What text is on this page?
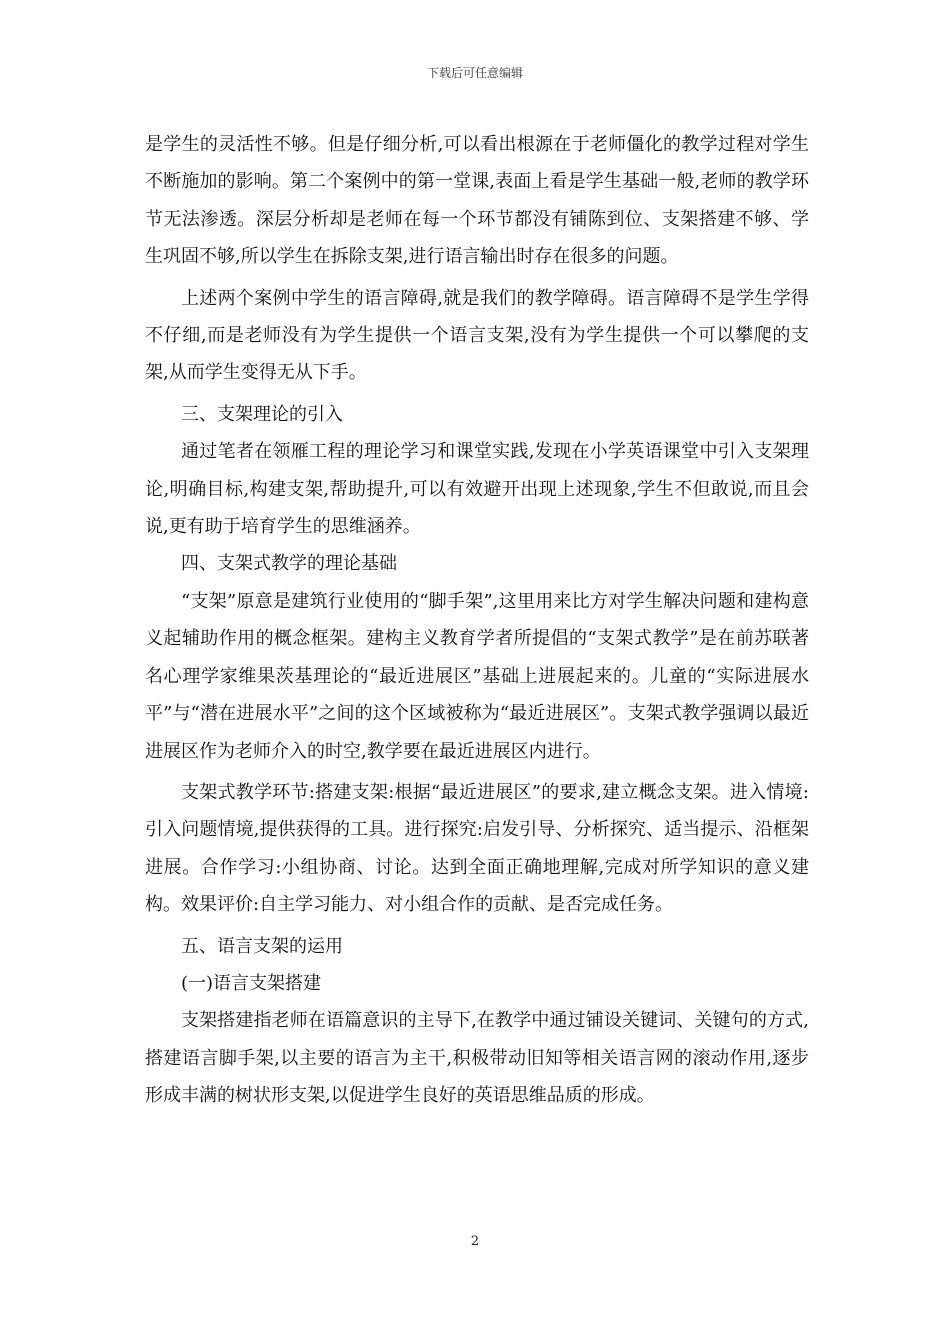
下载后可任意编辑

是学生的灵活性不够。但是仔细分析,可以看出根源在于老师僵化的教学过程对学生不断施加的影响。第二个案例中的第一堂课,表面上看是学生基础一般,老师的教学环节无法渗透。深层分析却是老师在每一个环节都没有铺陈到位、支架搭建不够、学生巩固不够,所以学生在拆除支架,进行语言输出时存在很多的问题。

上述两个案例中学生的语言障碍,就是我们的教学障碍。语言障碍不是学生学得不仔细,而是老师没有为学生提供一个语言支架,没有为学生提供一个可以攀爬的支架,从而学生变得无从下手。

三、支架理论的引入

通过笔者在领雁工程的理论学习和课堂实践,发现在小学英语课堂中引入支架理论,明确目标,构建支架,帮助提升,可以有效避开出现上述现象,学生不但敢说,而且会说,更有助于培育学生的思维涵养。

四、支架式教学的理论基础

“支架”原意是建筑行业使用的“脚手架”,这里用来比方对学生解决问题和建构意义起辅助作用的概念框架。建构主义教育学者所提倡的“支架式教学”是在前苏联著名心理学家维果茨基理论的“最近进展区”基础上进展起来的。儿童的“实际进展水平”与“潜在进展水平”之间的这个区域被称为“最近进展区”。支架式教学强调以最近进展区作为老师介入的时空,教学要在最近进展区内进行。

支架式教学环节:搭建支架:根据“最近进展区”的要求,建立概念支架。进入情境:引入问题情境,提供获得的工具。进行探究:启发引导、分析探究、适当提示、沿框架进展。合作学习:小组协商、讨论。达到全面正确地理解,完成对所学知识的意义建构。效果评价:自主学习能力、对小组合作的贡献、是否完成任务。

五、语言支架的运用

(一)语言支架搭建

支架搭建指老师在语篇意识的主导下,在教学中通过铺设关键词、关键句的方式,搭建语言脚手架,以主要的语言为主干,积极带动旧知等相关语言网的滚动作用,逐步形成丰满的树状形支架,以促进学生良好的英语思维品质的形成。

2
